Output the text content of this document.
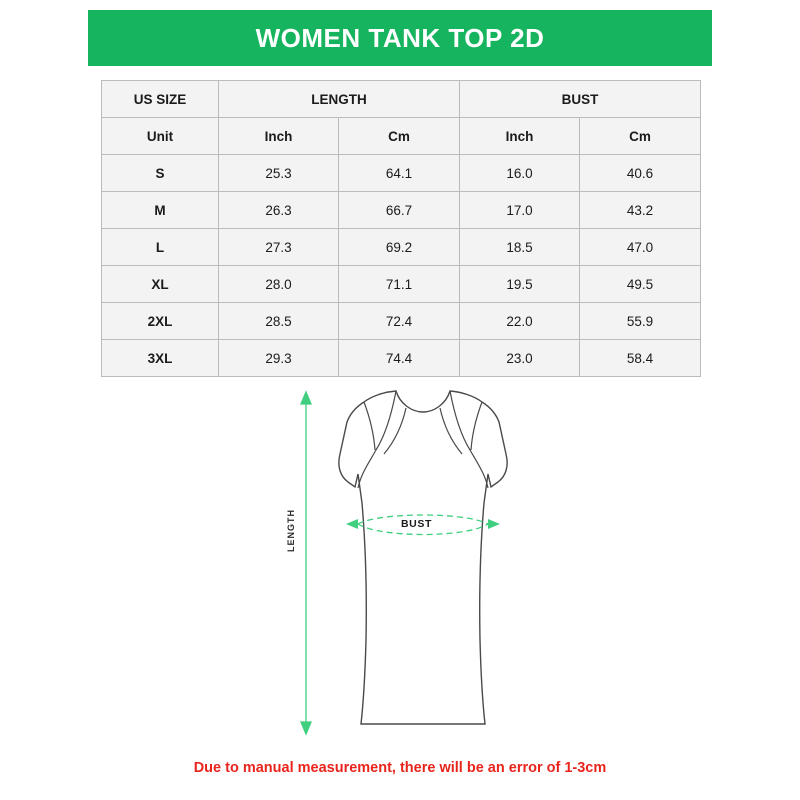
WOMEN TANK TOP 2D
US SIZE	LENGTH		BUST	
Unit	Inch	Cm	Inch	Cm
S	25.3	64.1	16.0	40.6
M	26.3	66.7	17.0	43.2
L	27.3	69.2	18.5	47.0
XL	28.0	71.1	19.5	49.5
2XL	28.5	72.4	22.0	55.9
3XL	29.3	74.4	23.0	58.4
LENGTH	BUST
Due to manual measurement, there will be an error of 1-3cm
